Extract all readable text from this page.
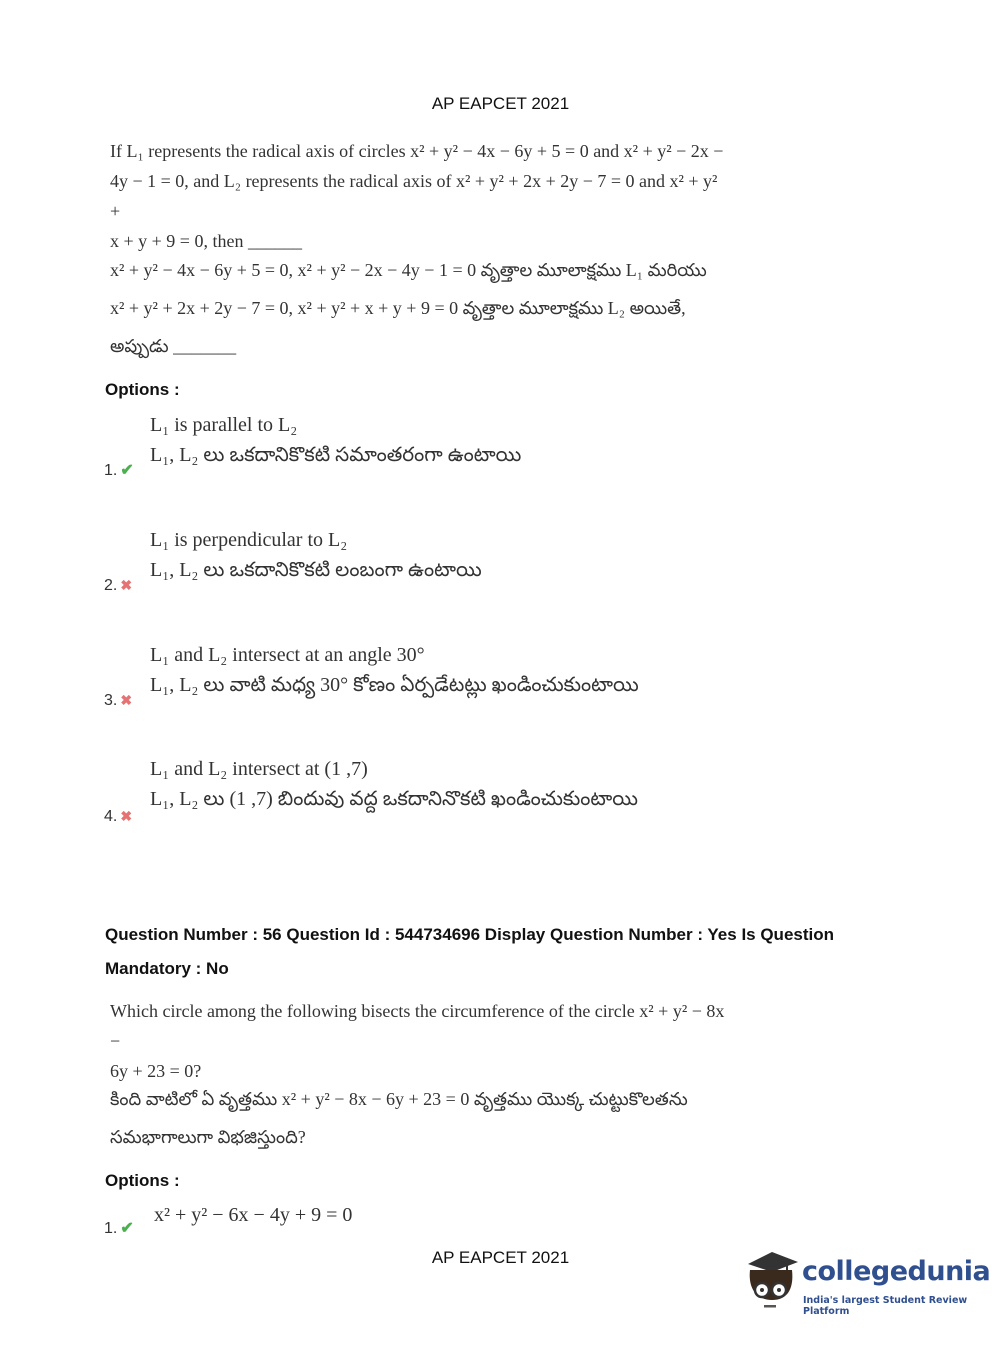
AP EAPCET 2021

If L₁ represents the radical axis of circles x² + y² − 4x − 6y + 5 = 0 and x² + y² − 2x −

4y − 1 = 0, and L₂ represents the radical axis of x² + y² + 2x + 2y − 7 = 0 and x² + y² +

x + y + 9 = 0, then ______

x² + y² − 4x − 6y + 5 = 0, x² + y² − 2x − 4y − 1 = 0 వృత్తాల మూలాక్షము L₁ మరియు

x² + y² + 2x + 2y − 7 = 0, x² + y² + x + y + 9 = 0 వృత్తాల మూలాక్షము L₂ అయితే,

అప్పుడు _______

Options :

L₁ is parallel to L₂

L₁, L₂ లు ఒకదానికొకటి సమాంతరంగా ఉంటాయి

1. ✔

L₁ is perpendicular to L₂

L₁, L₂ లు ఒకదానికొకటి లంబంగా ఉంటాయి

2. ✖

L₁ and L₂ intersect at an angle 30°

L₁, L₂ లు వాటి మధ్య 30° కోణం ఏర్పడేటట్లు ఖండించుకుంటాయి

3. ✖

L₁ and L₂ intersect at (1 ,7)

L₁, L₂ లు (1 ,7) బిందువు వద్ద ఒకదానినొకటి ఖండించుకుంటాయి

4. ✖
Question Number : 56 Question Id : 544734696 Display Question Number : Yes Is Question
Mandatory : No

Which circle among the following bisects the circumference of the circle x² + y² − 8x −

6y + 23 = 0?

కింది వాటిలో ఏ వృత్తము x² + y² − 8x − 6y + 23 = 0 వృత్తము యొక్క చుట్టుకొలతను

సమభాగాలుగా విభజిస్తుంది?

Options :

x² + y² − 6x − 4y + 9 = 0

1. ✔
AP EAPCET 2021	collegedunia
India's largest Student Review Platform
